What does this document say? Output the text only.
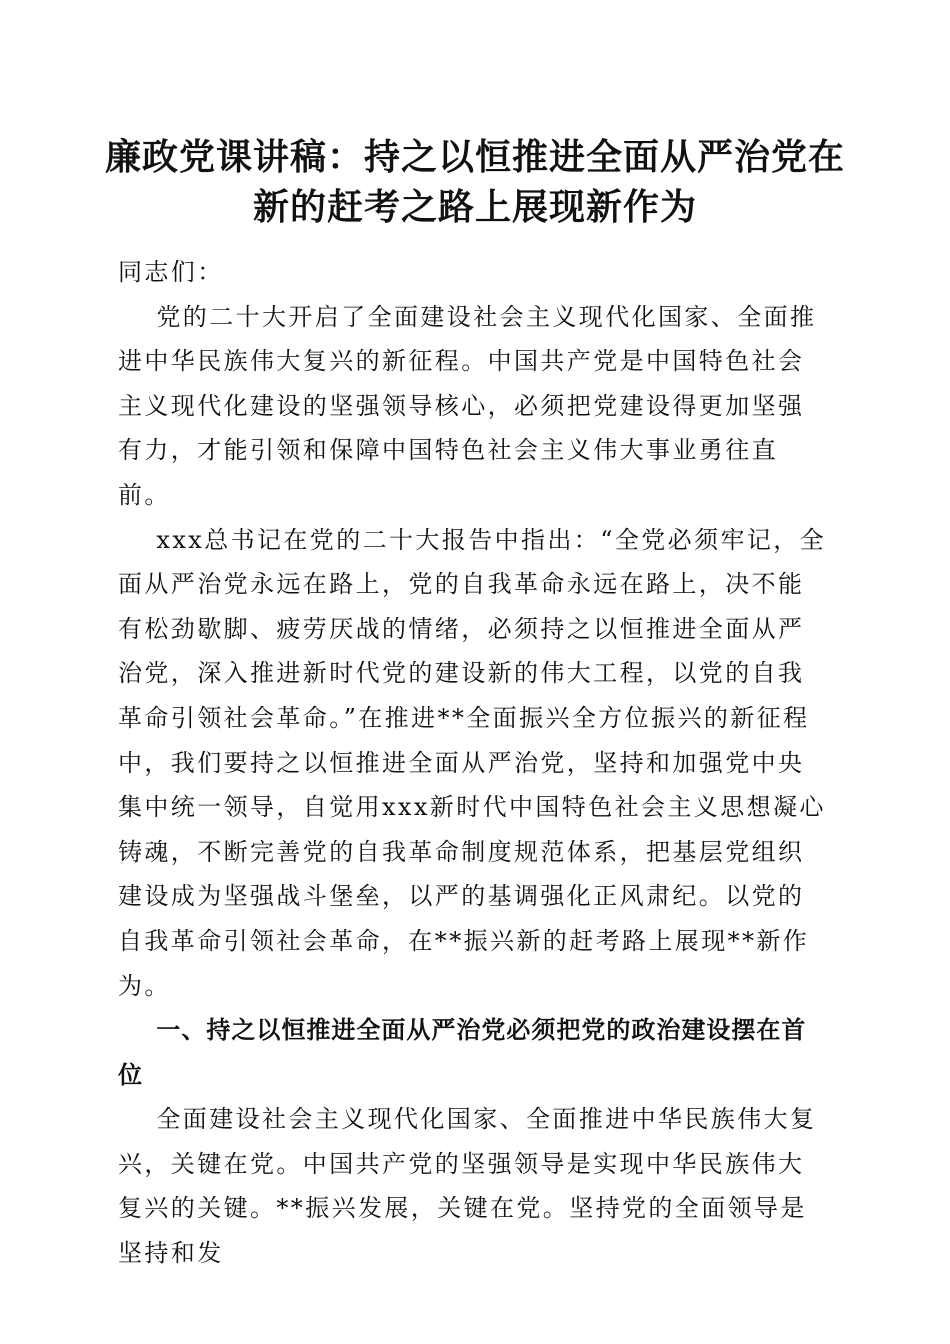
廉政党课讲稿：持之以恒推进全面从严治党在
新的赶考之路上展现新作为

同志们：

党的二十大开启了全面建设社会主义现代化国家、全面推进中华民族伟大复兴的新征程。中国共产党是中国特色社会主义现代化建设的坚强领导核心，必须把党建设得更加坚强有力，才能引领和保障中国特色社会主义伟大事业勇往直前。

xxx总书记在党的二十大报告中指出：“全党必须牢记，全面从严治党永远在路上，党的自我革命永远在路上，决不能有松劲歇脚、疲劳厌战的情绪，必须持之以恒推进全面从严治党，深入推进新时代党的建设新的伟大工程，以党的自我革命引领社会革命。”在推进**全面振兴全方位振兴的新征程中，我们要持之以恒推进全面从严治党，坚持和加强党中央集中统一领导，自觉用xxx新时代中国特色社会主义思想凝心铸魂，不断完善党的自我革命制度规范体系，把基层党组织建设成为坚强战斗堡垒，以严的基调强化正风肃纪。以党的自我革命引领社会革命，在**振兴新的赶考路上展现**新作为。

一、持之以恒推进全面从严治党必须把党的政治建设摆在首位

全面建设社会主义现代化国家、全面推进中华民族伟大复兴，关键在党。中国共产党的坚强领导是实现中华民族伟大复兴的关键。**振兴发展，关键在党。坚持党的全面领导是坚持和发
